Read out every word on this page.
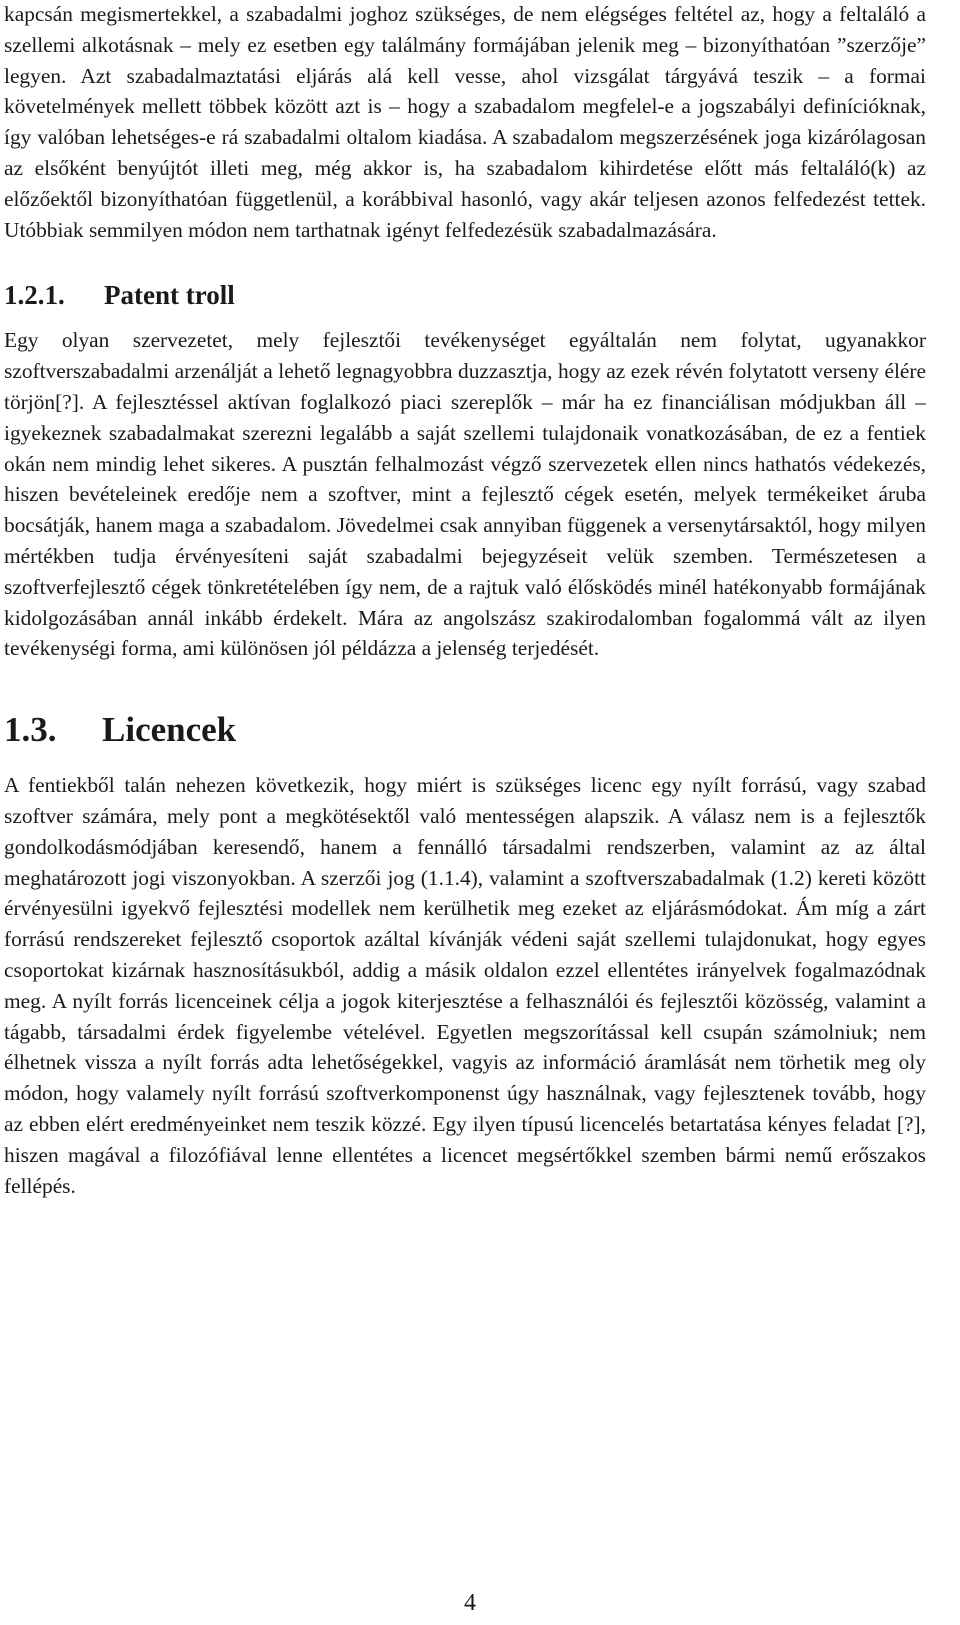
kapcsán megismertekkel, a szabadalmi joghoz szükséges, de nem elégséges feltétel az, hogy a feltaláló a szellemi alkotásnak – mely ez esetben egy találmány formájában jelenik meg – bizonyíthatóan ”szerzője” legyen. Azt szabadalmaztatási eljárás alá kell vesse, ahol vizsgálat tárgyává teszik – a formai követelmények mellett többek között azt is – hogy a szabadalom megfelel-e a jogszabályi definícióknak, így valóban lehetséges-e rá szabadalmi oltalom kiadása. A szabadalom megszerzésének joga kizárólagosan az elsőként benyújtót illeti meg, még akkor is, ha szabadalom kihirdetése előtt más feltaláló(k) az előzőektől bizonyíthatóan függetlenül, a korábbival hasonló, vagy akár teljesen azonos felfedezést tettek. Utóbbiak semmilyen módon nem tarthatnak igényt felfedezésük szabadalmazására.

1.2.1. Patent troll

Egy olyan szervezetet, mely fejlesztői tevékenységet egyáltalán nem folytat, ugyanakkor szoftverszabadalmi arzenálját a lehető legnagyobbra duzzasztja, hogy az ezek révén folytatott verseny élére törjön[?]. A fejlesztéssel aktívan foglalkozó piaci szereplők – már ha ez financiálisan módjukban áll – igyekeznek szabadalmakat szerezni legalább a saját szellemi tulajdonaik vonatkozásában, de ez a fentiek okán nem mindig lehet sikeres. A pusztán felhalmozást végző szervezetek ellen nincs hathatós védekezés, hiszen bevételeinek eredője nem a szoftver, mint a fejlesztő cégek esetén, melyek termékeiket áruba bocsátják, hanem maga a szabadalom. Jövedelmei csak annyiban függenek a versenytársaktól, hogy milyen mértékben tudja érvényesíteni saját szabadalmi bejegyzéseit velük szemben. Természetesen a szoftverfejlesztő cégek tönkretételében így nem, de a rajtuk való élősködés minél hatékonyabb formájának kidolgozásában annál inkább érdekelt. Mára az angolszász szakirodalomban fogalommá vált az ilyen tevékenységi forma, ami különösen jól példázza a jelenség terjedését.

1.3. Licencek

A fentiekből talán nehezen következik, hogy miért is szükséges licenc egy nyílt forrású, vagy szabad szoftver számára, mely pont a megkötésektől való mentességen alapszik. A válasz nem is a fejlesztők gondolkodásmódjában keresendő, hanem a fennálló társadalmi rendszerben, valamint az az által meghatározott jogi viszonyokban. A szerzői jog (1.1.4), valamint a szoftverszabadalmak (1.2) kereti között érvényesülni igyekvő fejlesztési modellek nem kerülhetik meg ezeket az eljárásmódokat. Ám míg a zárt forrású rendszereket fejlesztő csoportok azáltal kívánják védeni saját szellemi tulajdonukat, hogy egyes csoportokat kizárnak hasznosításukból, addig a másik oldalon ezzel ellentétes irányelvek fogalmazódnak meg. A nyílt forrás licenceinek célja a jogok kiterjesztése a felhasználói és fejlesztői közösség, valamint a tágabb, társadalmi érdek figyelembe vételével. Egyetlen megszorítással kell csupán számolniuk; nem élhetnek vissza a nyílt forrás adta lehetőségekkel, vagyis az információ áramlását nem törhetik meg oly módon, hogy valamely nyílt forrású szoftverkomponenst úgy használnak, vagy fejlesztenek tovább, hogy az ebben elért eredményeinket nem teszik közzé. Egy ilyen típusú licencelés betartatása kényes feladat [?], hiszen magával a filozófiával lenne ellentétes a licencet megsértőkkel szemben bármi nemű erőszakos fellépés.

4
